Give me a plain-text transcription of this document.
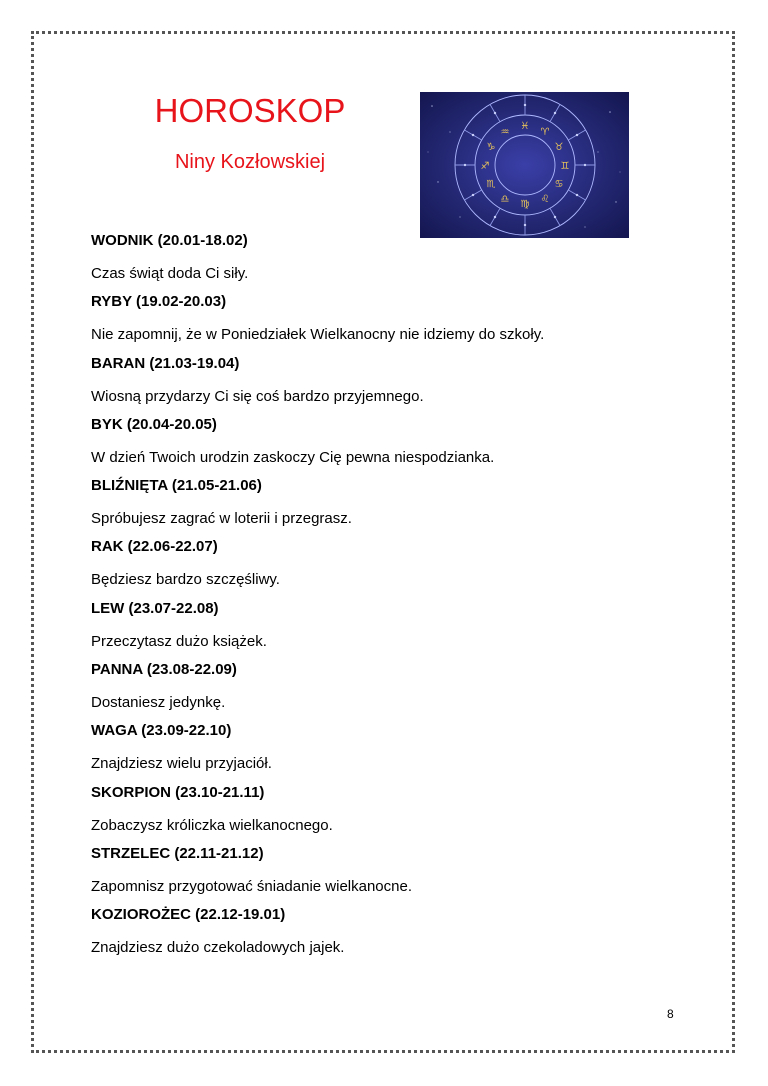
HOROSKOP
Niny Kozłowskiej
♓
♈
♉
♊
♋
♌
♍
♎
♏
♐
♑
♒

WODNIK (20.01-18.02)

Czas świąt doda Ci siły.

RYBY (19.02-20.03)

Nie zapomnij, że w Poniedziałek Wielkanocny nie idziemy do szkoły.

BARAN (21.03-19.04)

Wiosną przydarzy Ci się coś bardzo przyjemnego.

BYK (20.04-20.05)

W dzień Twoich urodzin zaskoczy Cię pewna niespodzianka.

BLIŹNIĘTA (21.05-21.06)

Spróbujesz zagrać w loterii i przegrasz.

RAK (22.06-22.07)

Będziesz bardzo szczęśliwy.

LEW (23.07-22.08)

Przeczytasz dużo książek.

PANNA (23.08-22.09)

Dostaniesz jedynkę.

WAGA (23.09-22.10)

Znajdziesz wielu przyjaciół.

SKORPION (23.10-21.11)

Zobaczysz króliczka wielkanocnego.

STRZELEC (22.11-21.12)

Zapomnisz przygotować śniadanie wielkanocne.

KOZIOROŻEC (22.12-19.01)

Znajdziesz dużo czekoladowych jajek.

8
